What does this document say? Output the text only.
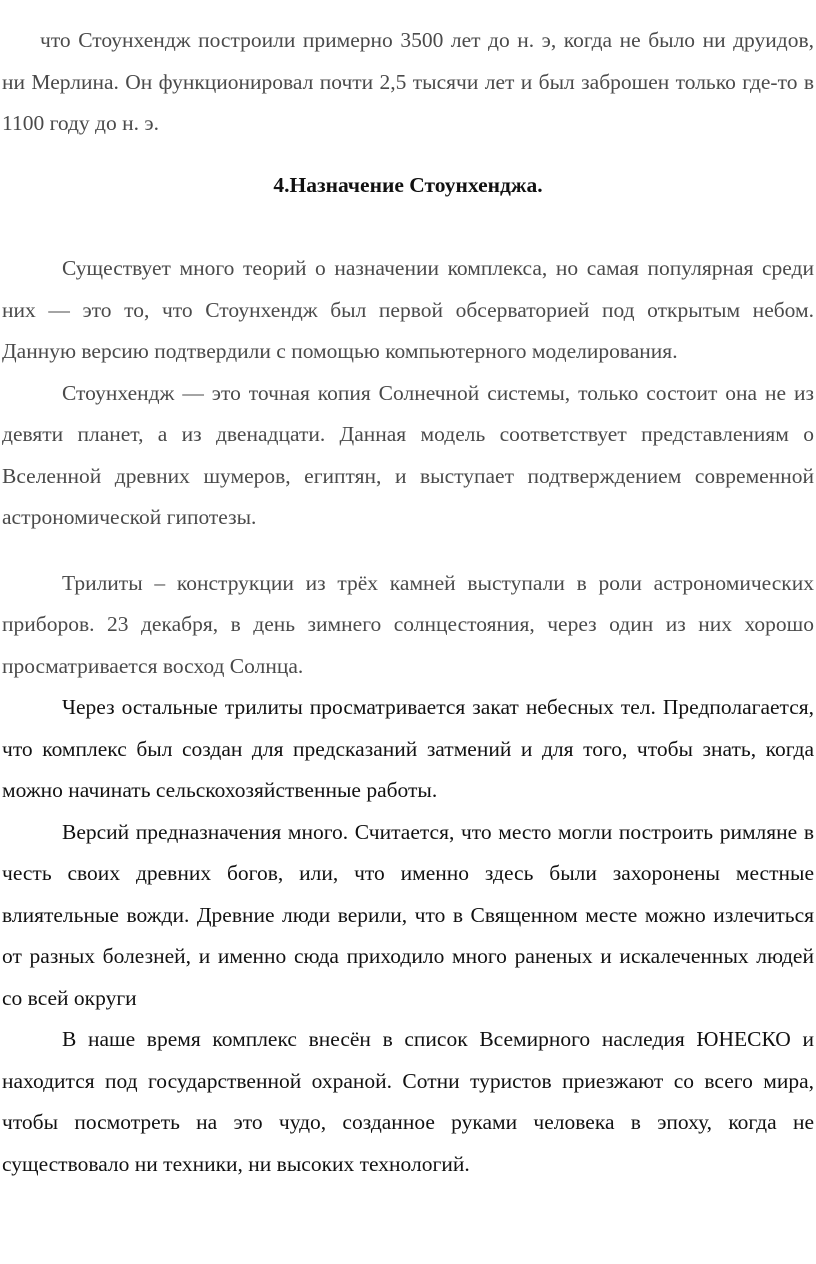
что Стоунхендж построили примерно 3500 лет до н. э, когда не было ни друидов, ни Мерлина. Он функционировал почти 2,5 тысячи лет и был заброшен только где-то в 1100 году до н. э.

4.Назначение Стоунхенджа.

Существует много теорий о назначении комплекса, но самая популярная среди них — это то, что Стоунхендж был первой обсерваторией под открытым небом. Данную версию подтвердили с помощью компьютерного моделирования.

Стоунхендж — это точная копия Солнечной системы, только состоит она не из девяти планет, а из двенадцати. Данная модель соответствует представлениям о Вселенной древних шумеров, египтян, и выступает подтверждением современной астрономической гипотезы.

Трилиты – конструкции из трёх камней выступали в роли астрономических приборов. 23 декабря, в день зимнего солнцестояния, через один из них хорошо просматривается восход Солнца.

Через остальные трилиты просматривается закат небесных тел. Предполагается, что комплекс был создан для предсказаний затмений и для того, чтобы знать, когда можно начинать сельскохозяйственные работы.

Версий предназначения много. Считается, что место могли построить римляне в честь своих древних богов, или, что именно здесь были захоронены местные влиятельные вожди. Древние люди верили, что в Священном месте можно излечиться от разных болезней, и именно сюда приходило много раненых и искалеченных людей со всей округи

В наше время комплекс внесён в список Всемирного наследия ЮНЕСКО и находится под государственной охраной. Сотни туристов приезжают со всего мира, чтобы посмотреть на это чудо, созданное руками человека в эпоху, когда не существовало ни техники, ни высоких технологий.
